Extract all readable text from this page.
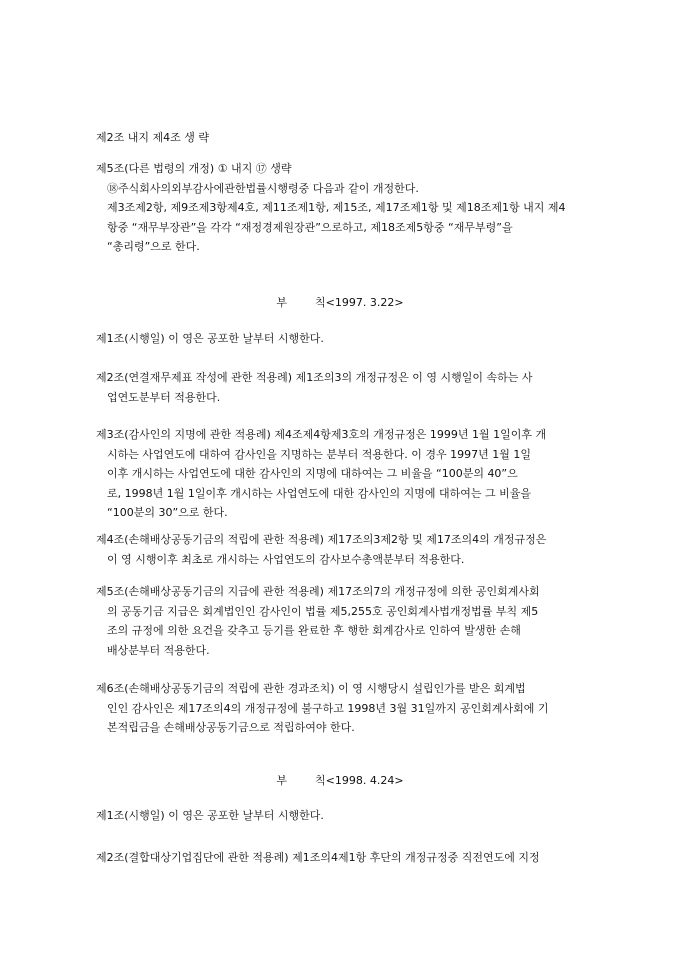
제2조 내지 제4조 생 략
제5조(다른 법령의 개정) ① 내지 ⑰ 생략
⑱주식회사의외부감사에관한법률시행령중 다음과 같이 개정한다.
제3조제2항, 제9조제3항제4호, 제11조제1항, 제15조, 제17조제1항 및 제18조제1항 내지 제4
항중 “재무부장관”을 각각 “재정경제원장관”으로하고, 제18조제5항중 “재무부령”을
“총리령”으로 한다.
부        칙<1997. 3.22>
제1조(시행일) 이 영은 공포한 날부터 시행한다.
제2조(연결재무제표 작성에 관한 적용례) 제1조의3의 개정규정은 이 영 시행일이 속하는 사
업연도분부터 적용한다.
제3조(감사인의 지명에 관한 적용례) 제4조제4항제3호의 개정규정은 1999년 1월 1일이후 개
시하는 사업연도에 대하여 감사인을 지명하는 분부터 적용한다. 이 경우 1997년 1월 1일
이후 개시하는 사업연도에 대한 감사인의 지명에 대하여는 그 비율을 “100분의 40”으
로, 1998년 1월 1일이후 개시하는 사업연도에 대한 감사인의 지명에 대하여는 그 비율을
“100분의 30”으로 한다.
제4조(손해배상공동기금의 적립에 관한 적용례) 제17조의3제2항 및 제17조의4의 개정규정은
이 영 시행이후 최초로 개시하는 사업연도의 감사보수총액분부터 적용한다.
제5조(손해배상공동기금의 지급에 관한 적용례) 제17조의7의 개정규정에 의한 공인회계사회
의 공동기금 지급은 회계법인인 감사인이 법률 제5,255호 공인회계사법개정법률 부칙 제5
조의 규정에 의한 요건을 갖추고 등기를 완료한 후 행한 회계감사로 인하여 발생한 손해
배상분부터 적용한다.
제6조(손해배상공동기금의 적립에 관한 경과조치) 이 영 시행당시 설립인가를 받은 회계법
인인 감사인은 제17조의4의 개정규정에 불구하고 1998년 3월 31일까지 공인회계사회에 기
본적립금을 손해배상공동기금으로 적립하여야 한다.
부        칙<1998. 4.24>
제1조(시행일) 이 영은 공포한 날부터 시행한다.
제2조(결합대상기업집단에 관한 적용례) 제1조의4제1항 후단의 개정규정중 직전연도에 지정
